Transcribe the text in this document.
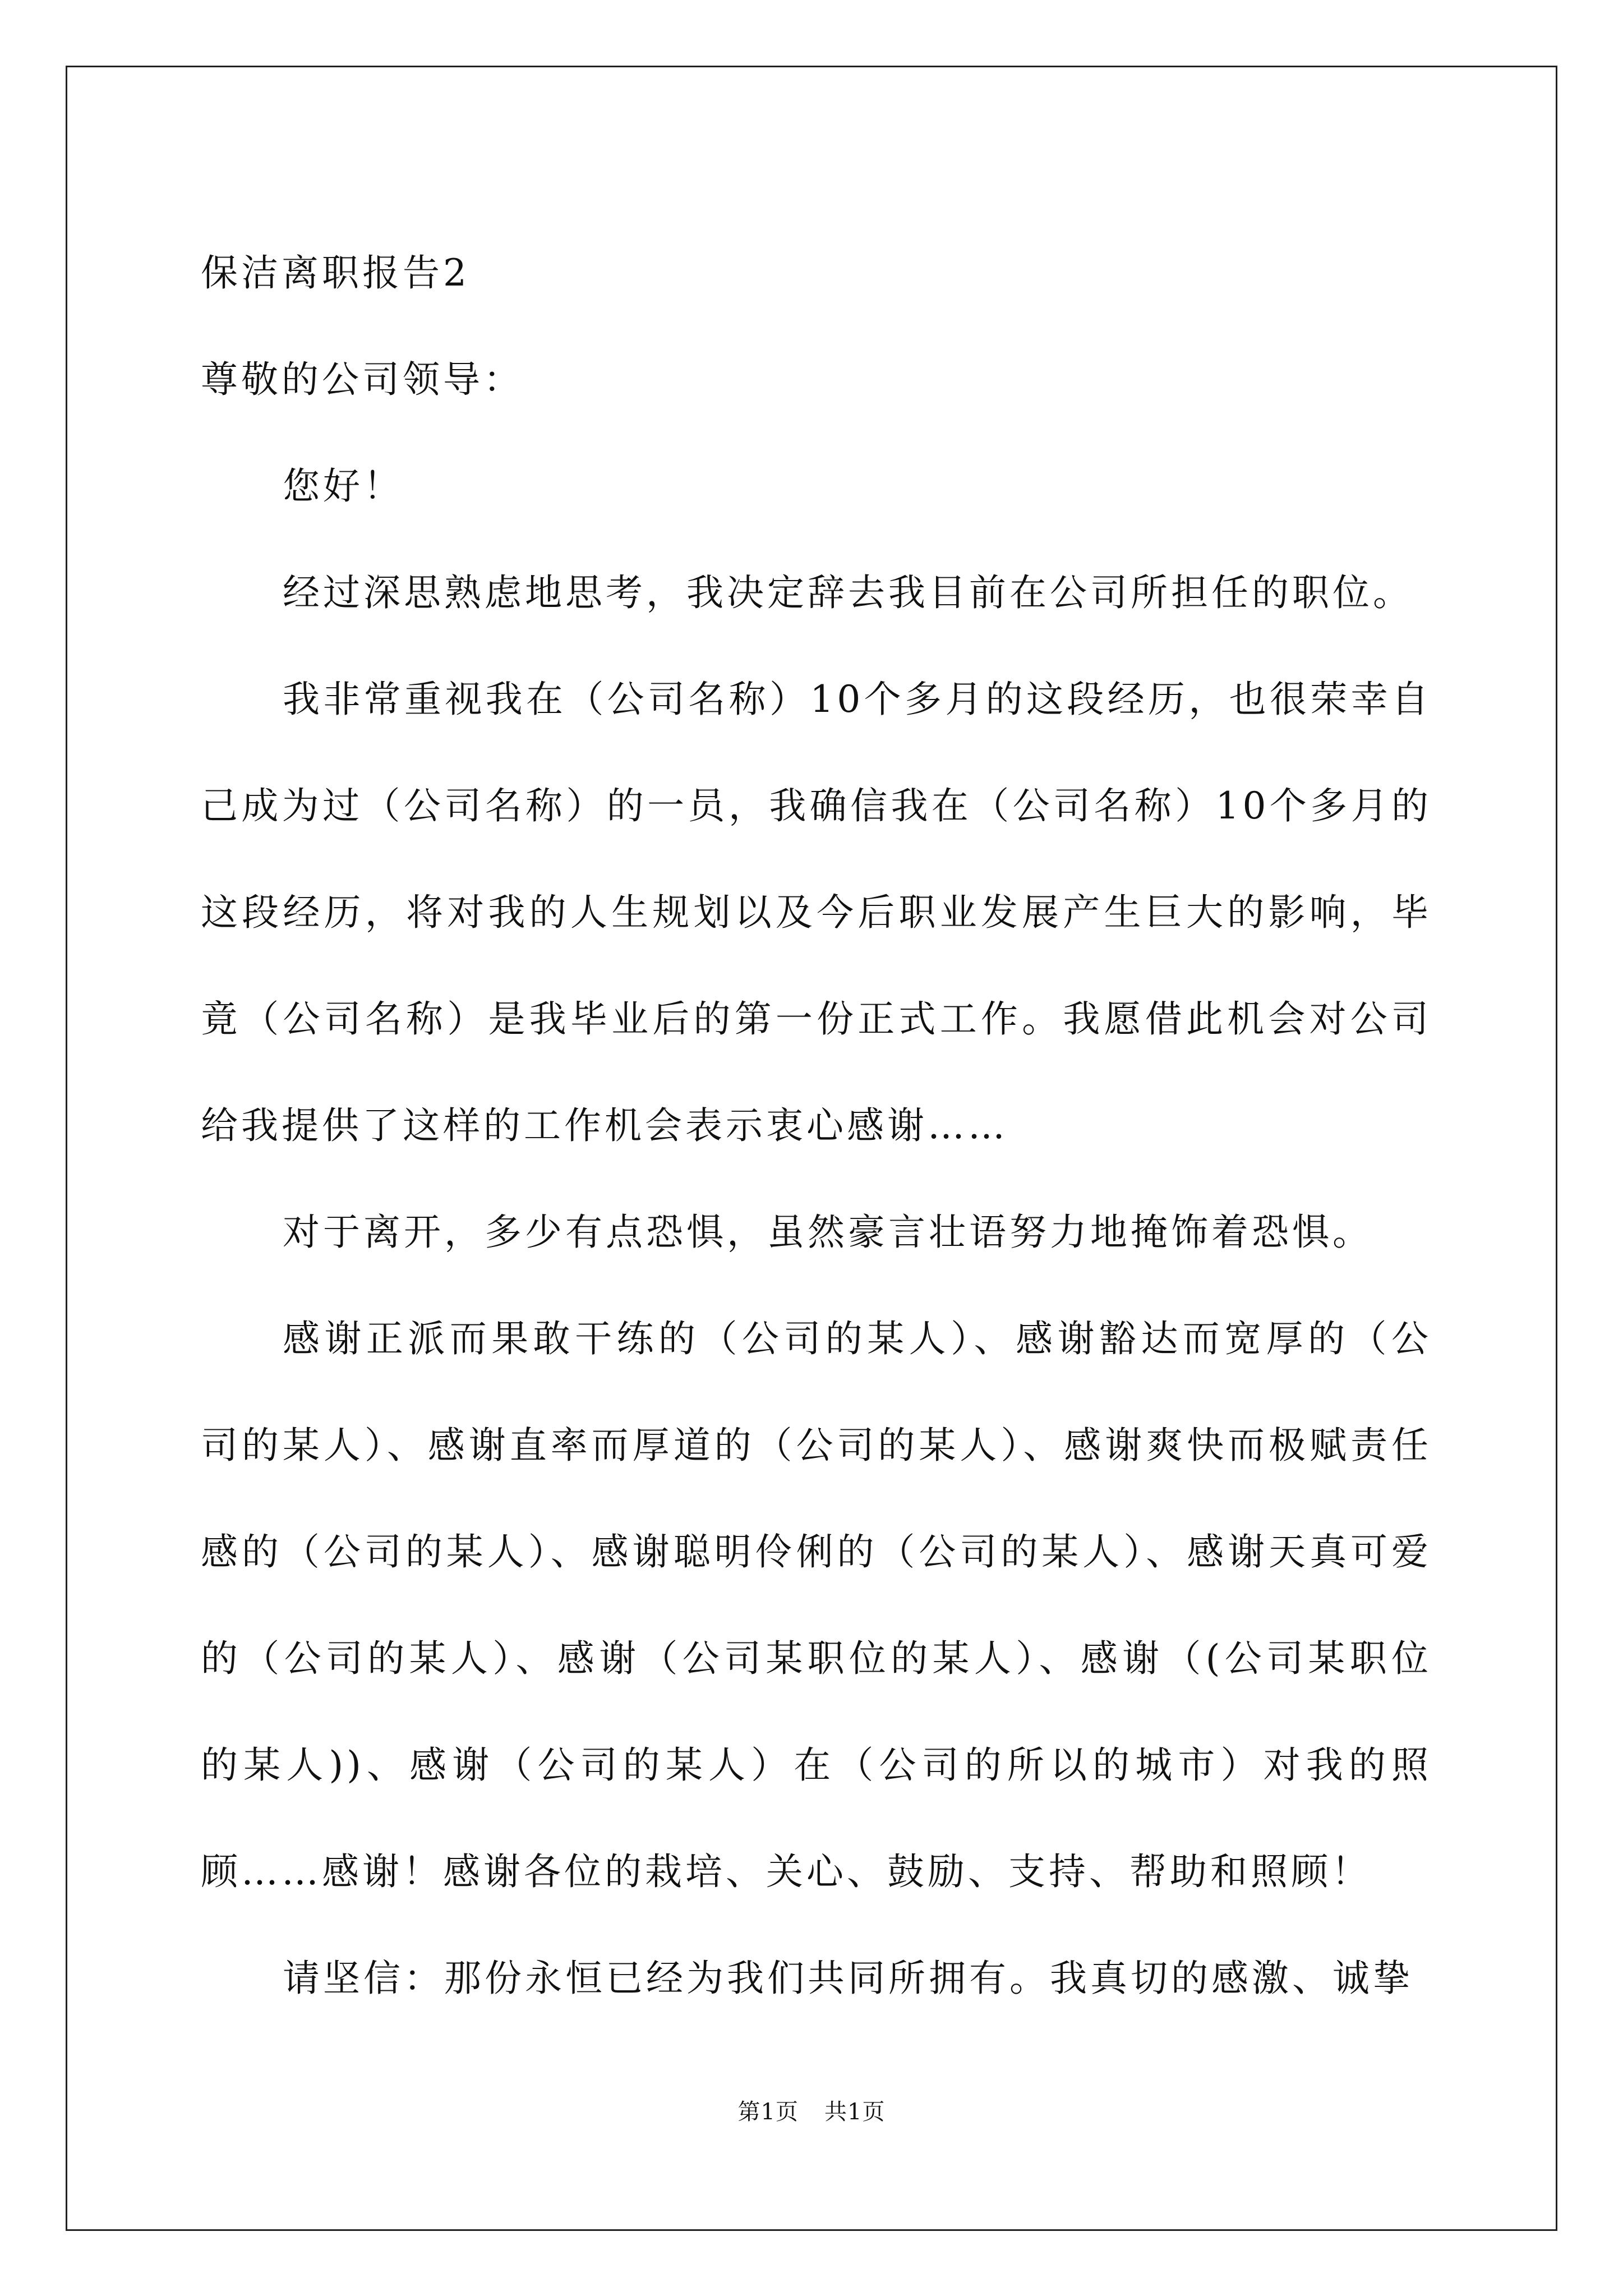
保洁离职报告2

尊敬的公司领导：

您好！

经过深思熟虑地思考，我决定辞去我目前在公司所担任的职位。

我非常重视我在（公司名称）10个多月的这段经历，也很荣幸自己成为过（公司名称）的一员，我确信我在（公司名称）10个多月的这段经历，将对我的人生规划以及今后职业发展产生巨大的影响，毕竟（公司名称）是我毕业后的第一份正式工作。我愿借此机会对公司给我提供了这样的工作机会表示衷心感谢……

对于离开，多少有点恐惧，虽然豪言壮语努力地掩饰着恐惧。

感谢正派而果敢干练的（公司的某人）、感谢豁达而宽厚的（公司的某人）、感谢直率而厚道的（公司的某人）、感谢爽快而极赋责任感的（公司的某人）、感谢聪明伶俐的（公司的某人）、感谢天真可爱的（公司的某人）、感谢（公司某职位的某人）、感谢（(公司某职位的某人))、感谢（公司的某人）在（公司的所以的城市）对我的照顾……感谢！感谢各位的栽培、关心、鼓励、支持、帮助和照顾！

请坚信：那份永恒已经为我们共同所拥有。我真切的感激、诚挚

第1页 共1页
